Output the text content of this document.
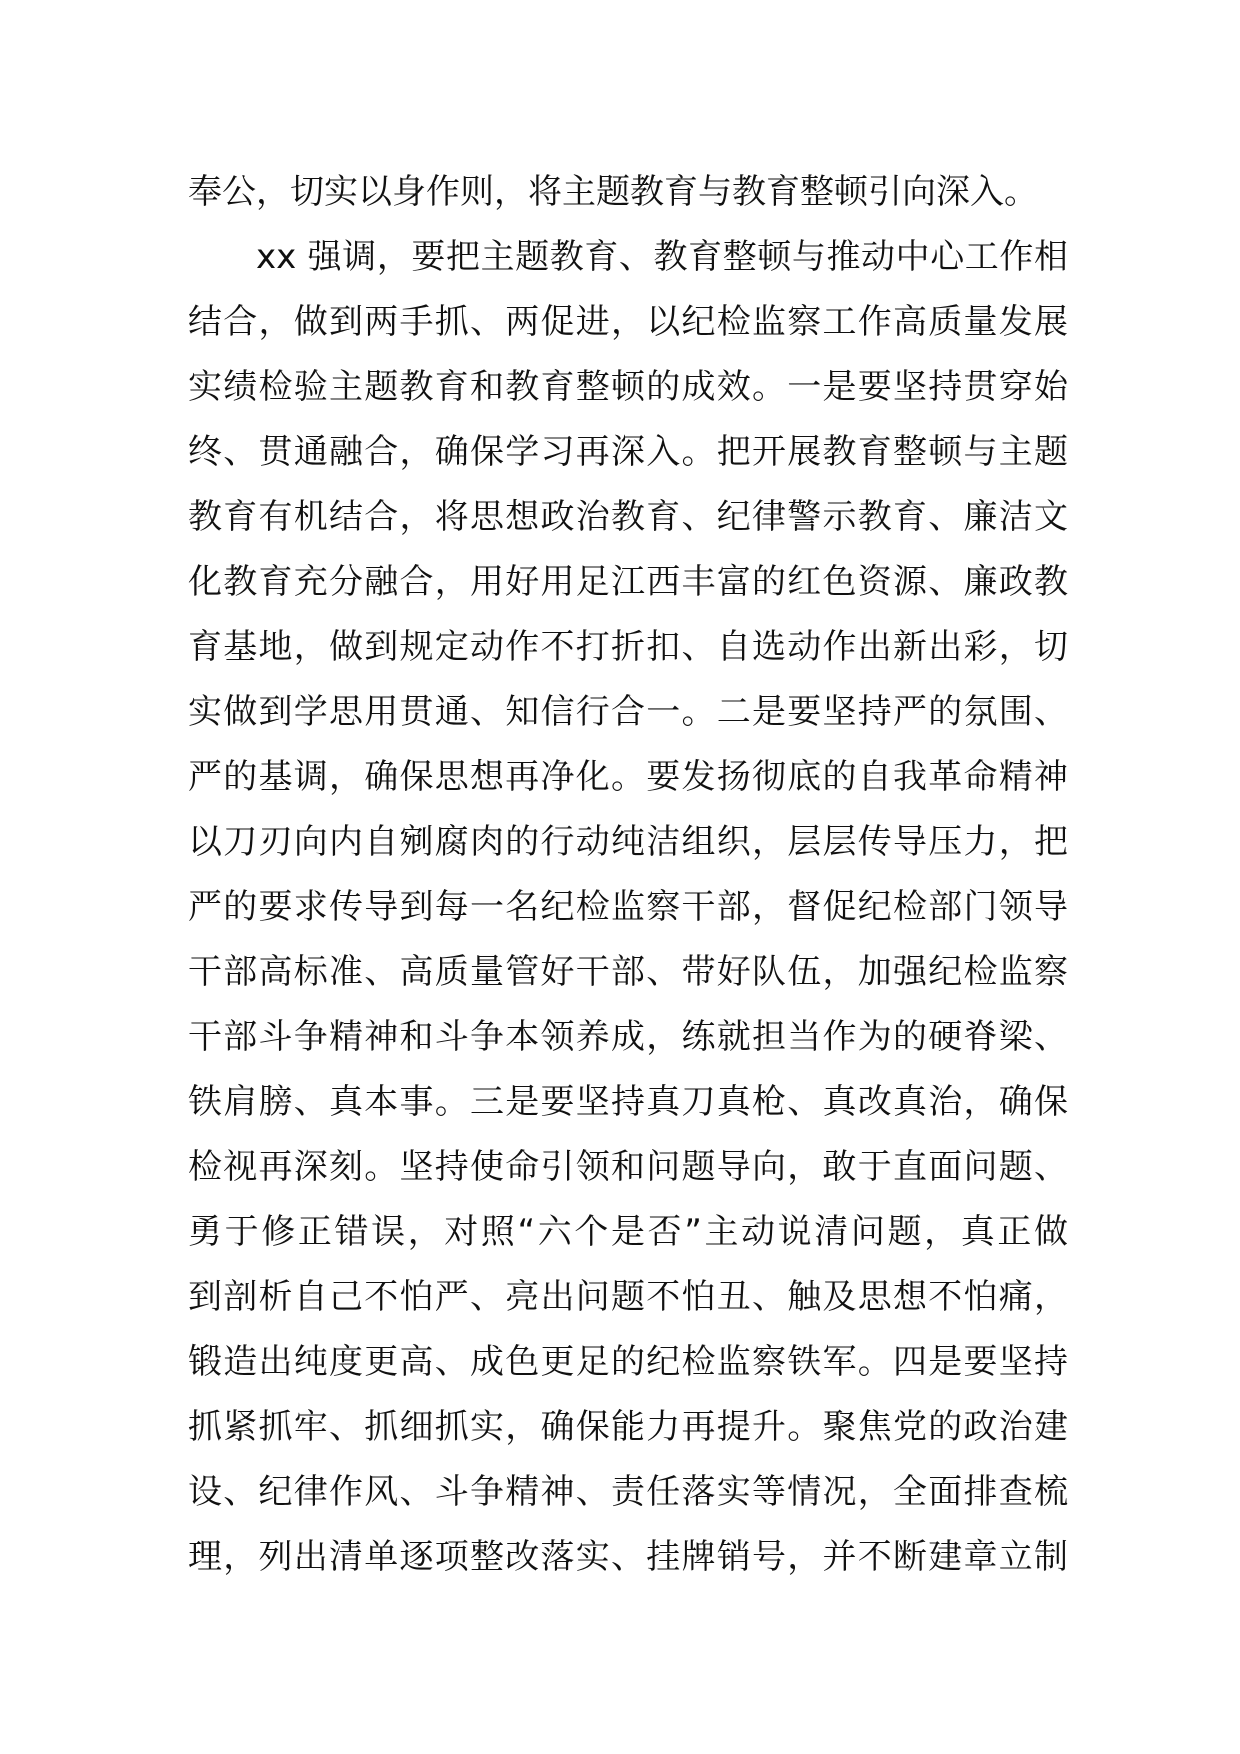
奉公，切实以身作则，将主题教育与教育整顿引向深入。
xx 强调，要把主题教育、教育整顿与推动中心工作相
结合，做到两手抓、两促进，以纪检监察工作高质量发展
实绩检验主题教育和教育整顿的成效。一是要坚持贯穿始
终、贯通融合，确保学习再深入。把开展教育整顿与主题
教育有机结合，将思想政治教育、纪律警示教育、廉洁文
化教育充分融合，用好用足江西丰富的红色资源、廉政教
育基地，做到规定动作不打折扣、自选动作出新出彩，切
实做到学思用贯通、知信行合一。二是要坚持严的氛围、
严的基调，确保思想再净化。要发扬彻底的自我革命精神
以刀刃向内自剜腐肉的行动纯洁组织，层层传导压力，把
严的要求传导到每一名纪检监察干部，督促纪检部门领导
干部高标准、高质量管好干部、带好队伍，加强纪检监察
干部斗争精神和斗争本领养成，练就担当作为的硬脊梁、
铁肩膀、真本事。三是要坚持真刀真枪、真改真治，确保
检视再深刻。坚持使命引领和问题导向，敢于直面问题、
勇于修正错误，对照“六个是否”主动说清问题，真正做
到剖析自己不怕严、亮出问题不怕丑、触及思想不怕痛，
锻造出纯度更高、成色更足的纪检监察铁军。四是要坚持
抓紧抓牢、抓细抓实，确保能力再提升。聚焦党的政治建
设、纪律作风、斗争精神、责任落实等情况，全面排查梳
理，列出清单逐项整改落实、挂牌销号，并不断建章立制
